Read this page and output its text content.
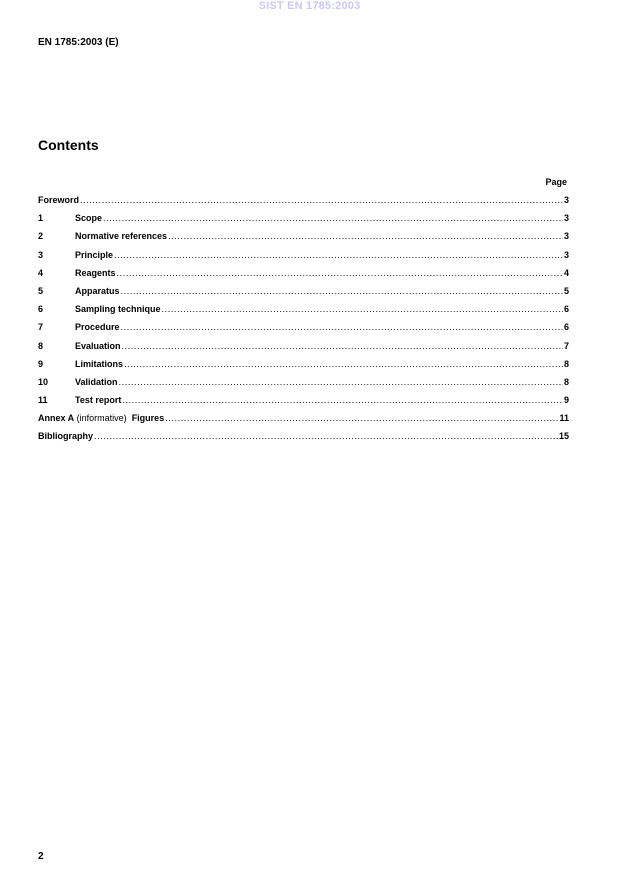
SIST EN 1785:2003
EN 1785:2003 (E)
Contents
Page
Foreword .....	3
1	Scope .....	3
2	Normative references .....	3
3	Principle .....	3
4	Reagents .....	4
5	Apparatus .....	5
6	Sampling technique .....	6
7	Procedure .....	6
8	Evaluation .....	7
9	Limitations .....	8
10	Validation .....	8
11	Test report .....	9
Annex A (informative)  Figures .....	11
Bibliography .....	15
2
